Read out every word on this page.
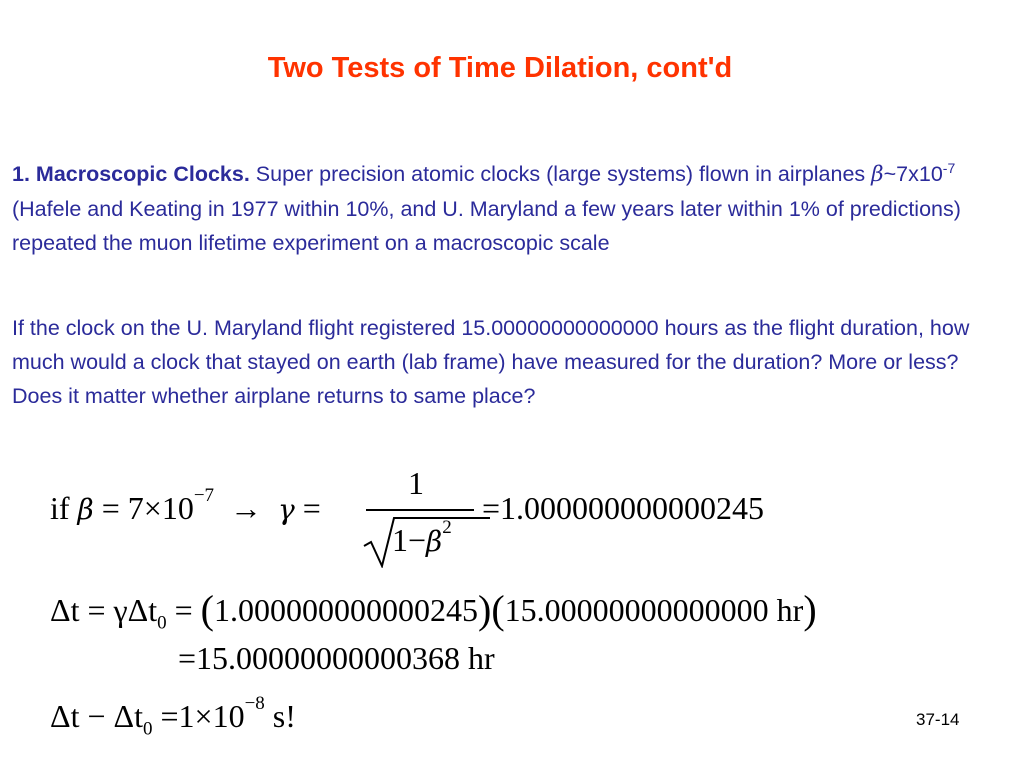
Two Tests of Time Dilation, cont'd
1. Macroscopic Clocks. Super precision atomic clocks (large systems) flown in airplanes $\beta\sim 7x10^{-7}$ (Hafele and Keating in 1977 within 10%, and U. Maryland a few years later within 1% of predictions) repeated the muon lifetime experiment on a macroscopic scale
If the clock on the U. Maryland flight registered 15.00000000000000 hours as the flight duration, how much would a clock that stayed on earth (lab frame) have measured for the duration? More or less? Does it matter whether airplane returns to same place?
if $\beta = 7\times 10^{-7} \to \gamma$ =
1
$1-\beta^2$
=1.000000000000245
Δt = γΔt$_0$ = (1.000000000000245)(15.00000000000000 hr)
=15.00000000000368 hr
$\Delta t - \Delta t_0 =1\times 10^{-8}$ s!	37-14
